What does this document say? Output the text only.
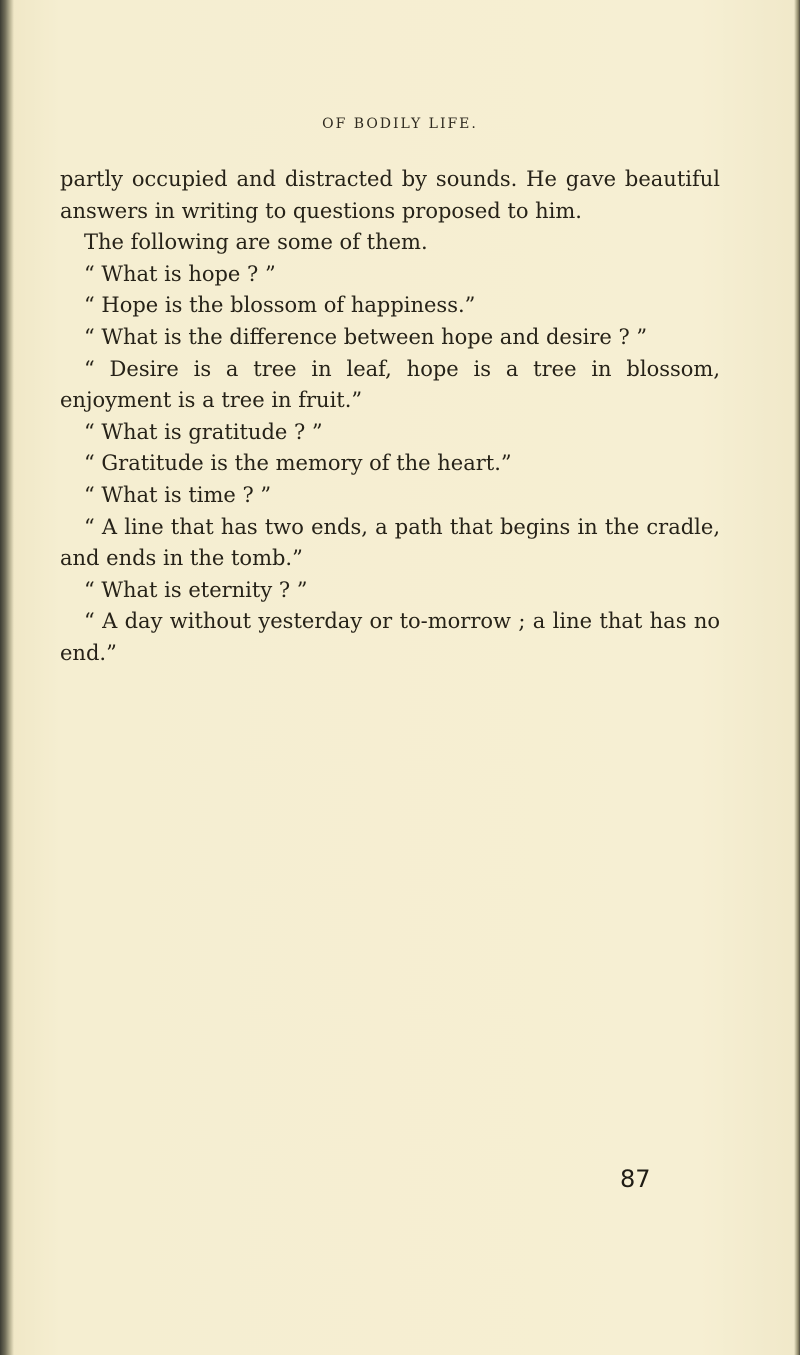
OF BODILY LIFE.

partly occupied and distracted by sounds. He gave beautiful answers in writing to questions proposed to him.

The following are some of them.

“ What is hope ? ”

“ Hope is the blossom of happiness.”

“ What is the difference between hope and desire ? ”

“ Desire is a tree in leaf, hope is a tree in blossom, enjoyment is a tree in fruit.”

“ What is gratitude ? ”

“ Gratitude is the memory of the heart.”

“ What is time ? ”

“ A line that has two ends, a path that begins in the cradle, and ends in the tomb.”

“ What is eternity ? ”

“ A day without yesterday or to-morrow ; a line that has no end.”

87
